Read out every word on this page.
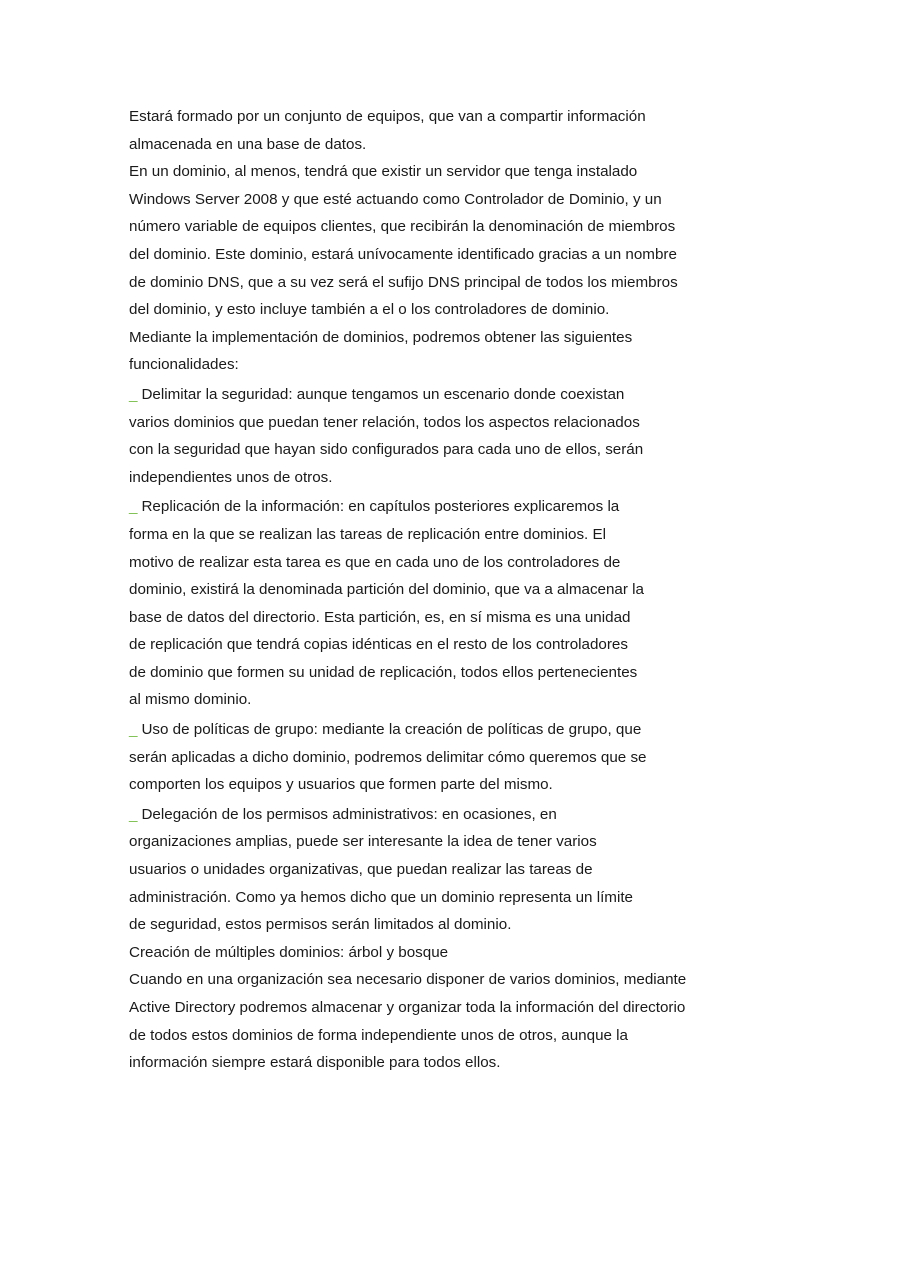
Estará formado por un conjunto de equipos, que van a compartir información
almacenada en una base de datos.
En un dominio, al menos, tendrá que existir un servidor que tenga instalado
Windows Server 2008 y que esté actuando como Controlador de Dominio, y un
número variable de equipos clientes, que recibirán la denominación de miembros
del dominio. Este dominio, estará unívocamente identificado gracias a un nombre
de dominio DNS, que a su vez será el sufijo DNS principal de todos los miembros
del dominio, y esto incluye también a el o los controladores de dominio.
Mediante la implementación de dominios, podremos obtener las siguientes
funcionalidades:
_ Delimitar la seguridad: aunque tengamos un escenario donde coexistan
varios dominios que puedan tener relación, todos los aspectos relacionados
con la seguridad que hayan sido configurados para cada uno de ellos, serán
independientes unos de otros.
_ Replicación de la información: en capítulos posteriores explicaremos la
forma en la que se realizan las tareas de replicación entre dominios. El
motivo de realizar esta tarea es que en cada uno de los controladores de
dominio, existirá la denominada partición del dominio, que va a almacenar la
base de datos del directorio. Esta partición, es, en sí misma es una unidad
de replicación que tendrá copias idénticas en el resto de los controladores
de dominio que formen su unidad de replicación, todos ellos pertenecientes
al mismo dominio.
_ Uso de políticas de grupo: mediante la creación de políticas de grupo, que
serán aplicadas a dicho dominio, podremos delimitar cómo queremos que se
comporten los equipos y usuarios que formen parte del mismo.
_ Delegación de los permisos administrativos: en ocasiones, en
organizaciones amplias, puede ser interesante la idea de tener varios
usuarios o unidades organizativas, que puedan realizar las tareas de
administración. Como ya hemos dicho que un dominio representa un límite
de seguridad, estos permisos serán limitados al dominio.
Creación de múltiples dominios: árbol y bosque
Cuando en una organización sea necesario disponer de varios dominios, mediante
Active Directory podremos almacenar y organizar toda la información del directorio
de todos estos dominios de forma independiente unos de otros, aunque la
información siempre estará disponible para todos ellos.
